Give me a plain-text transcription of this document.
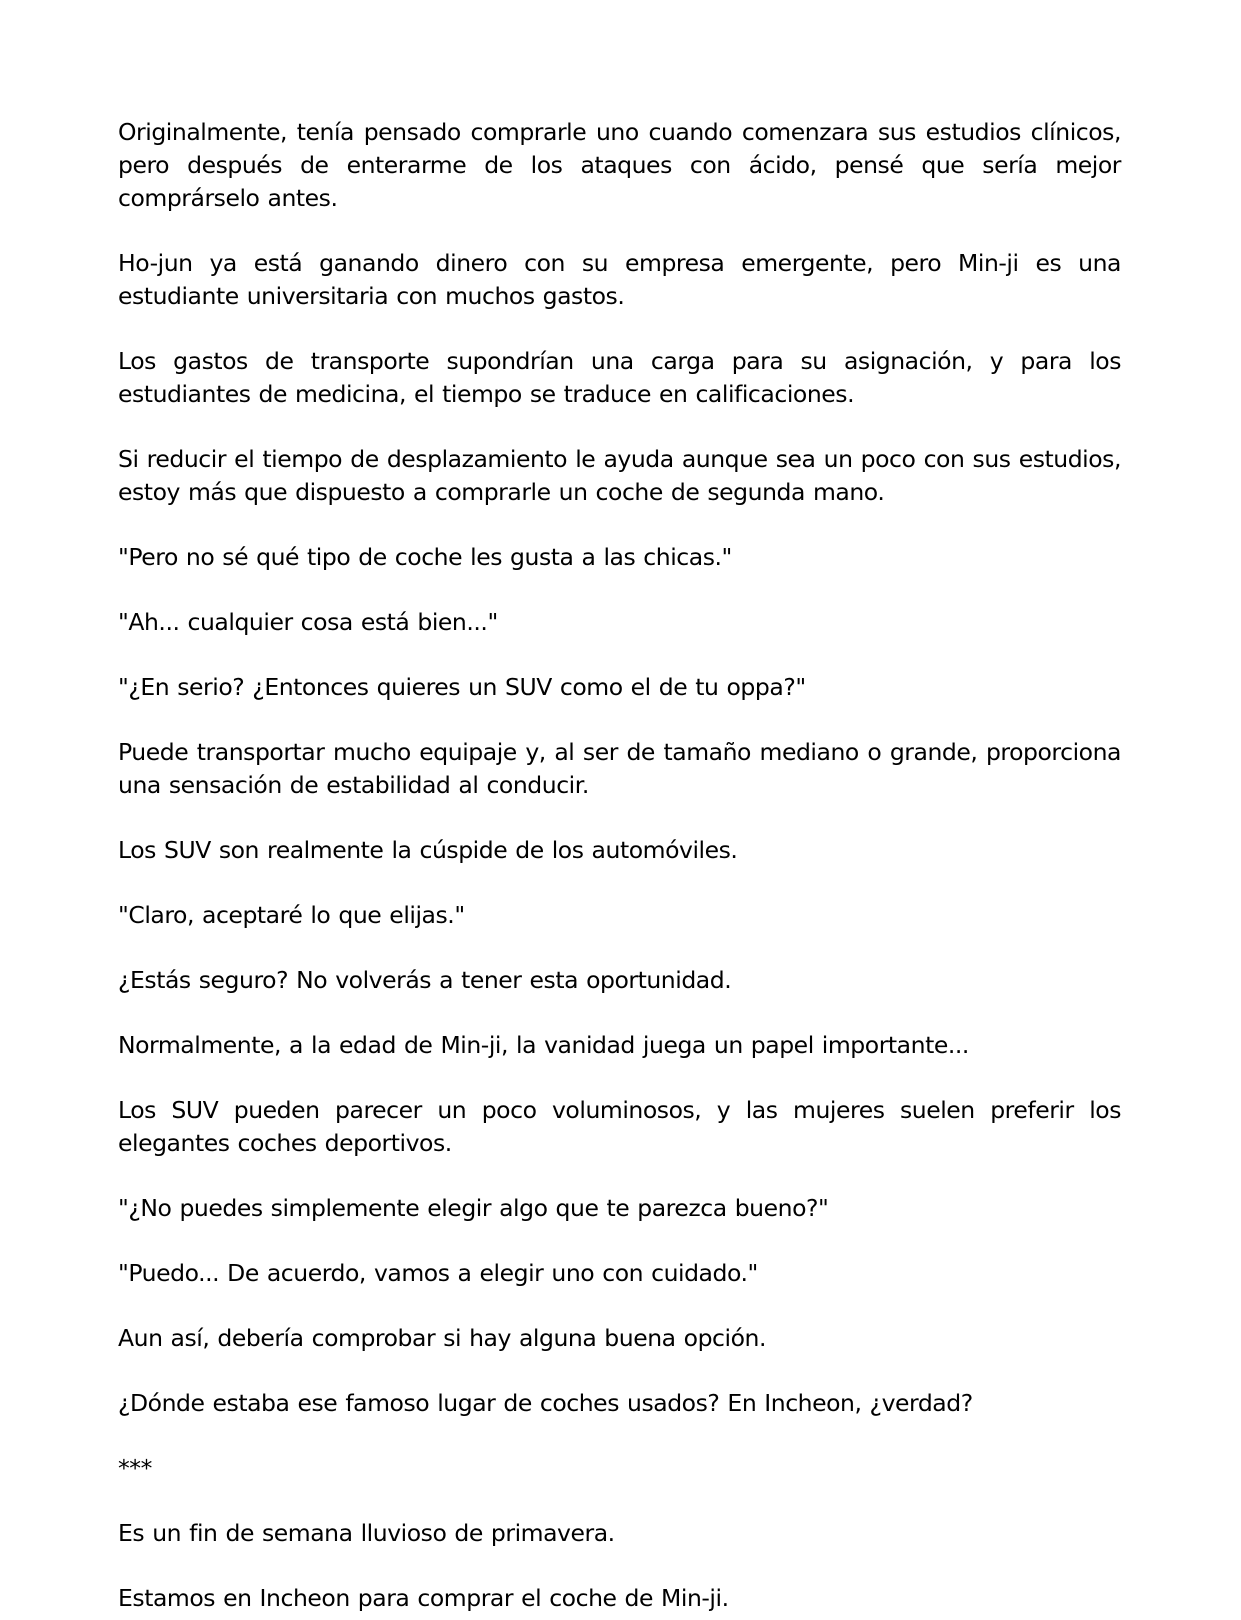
Originalmente, tenía pensado comprarle uno cuando comenzara sus estudios clínicos, pero después de enterarme de los ataques con ácido, pensé que sería mejor comprárselo antes.

Ho-jun ya está ganando dinero con su empresa emergente, pero Min-ji es una estudiante universitaria con muchos gastos.

Los gastos de transporte supondrían una carga para su asignación, y para los estudiantes de medicina, el tiempo se traduce en calificaciones.

Si reducir el tiempo de desplazamiento le ayuda aunque sea un poco con sus estudios, estoy más que dispuesto a comprarle un coche de segunda mano.

"Pero no sé qué tipo de coche les gusta a las chicas."

"Ah... cualquier cosa está bien..."

"¿En serio? ¿Entonces quieres un SUV como el de tu oppa?"

Puede transportar mucho equipaje y, al ser de tamaño mediano o grande, proporciona una sensación de estabilidad al conducir.

Los SUV son realmente la cúspide de los automóviles.

"Claro, aceptaré lo que elijas."

¿Estás seguro? No volverás a tener esta oportunidad.

Normalmente, a la edad de Min-ji, la vanidad juega un papel importante...

Los SUV pueden parecer un poco voluminosos, y las mujeres suelen preferir los elegantes coches deportivos.

"¿No puedes simplemente elegir algo que te parezca bueno?"

"Puedo... De acuerdo, vamos a elegir uno con cuidado."

Aun así, debería comprobar si hay alguna buena opción.

¿Dónde estaba ese famoso lugar de coches usados? En Incheon, ¿verdad?

***

Es un fin de semana lluvioso de primavera.

Estamos en Incheon para comprar el coche de Min-ji.
